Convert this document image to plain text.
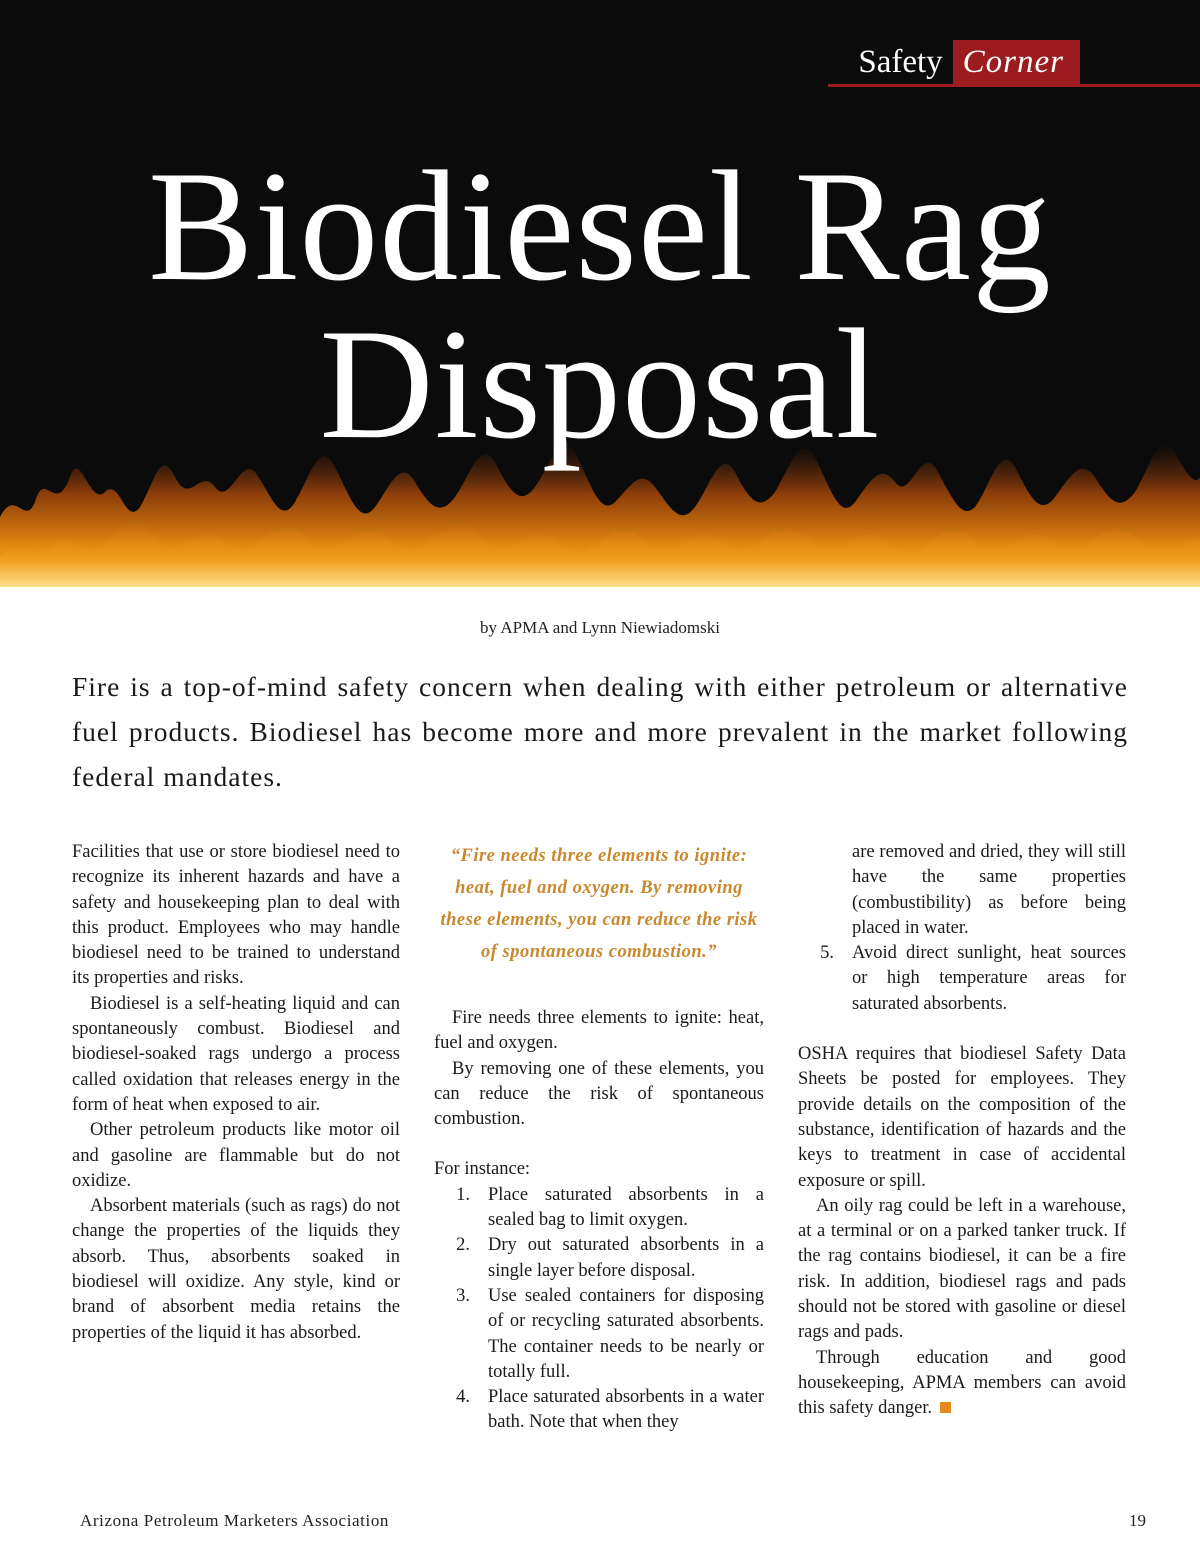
Safety Corner
Biodiesel Rag
Disposal
by APMA and Lynn Niewiadomski

Fire is a top-of-mind safety concern when dealing with either petroleum or alternative fuel products. Biodiesel has become more and more prevalent in the market following federal mandates.

Facilities that use or store biodiesel need to recognize its inherent hazards and have a safety and housekeeping plan to deal with this product. Employees who may handle biodiesel need to be trained to understand its properties and risks.

Biodiesel is a self-heating liquid and can spontaneously combust. Biodiesel and biodiesel-soaked rags undergo a process called oxidation that releases energy in the form of heat when exposed to air.

Other petroleum products like motor oil and gasoline are flammable but do not oxidize.

Absorbent materials (such as rags) do not change the properties of the liquids they absorb. Thus, absorbents soaked in biodiesel will oxidize. Any style, kind or brand of absorbent media retains the properties of the liquid it has absorbed.

“Fire needs three elements to ignite: heat, fuel and oxygen. By removing these elements, you can reduce the risk of spontaneous combustion.”

Fire needs three elements to ignite: heat, fuel and oxygen.

By removing one of these elements, you can reduce the risk of spontaneous combustion.

For instance:

1. Place saturated absorbents in a sealed bag to limit oxygen.
2. Dry out saturated absorbents in a single layer before disposal.
3. Use sealed containers for disposing of or recycling saturated absorbents. The container needs to be nearly or totally full.
4. Place saturated absorbents in a water bath. Note that when they

are removed and dried, they will still have the same properties (combustibility) as before being placed in water.

5. Avoid direct sunlight, heat sources or high temperature areas for saturated absorbents.

OSHA requires that biodiesel Safety Data Sheets be posted for employees. They provide details on the composition of the substance, identification of hazards and the keys to treatment in case of accidental exposure or spill.

An oily rag could be left in a warehouse, at a terminal or on a parked tanker truck. If the rag contains biodiesel, it can be a fire risk. In addition, biodiesel rags and pads should not be stored with gasoline or diesel rags and pads.

Through education and good housekeeping, APMA members can avoid this safety danger.

Arizona Petroleum Marketers Association	19
